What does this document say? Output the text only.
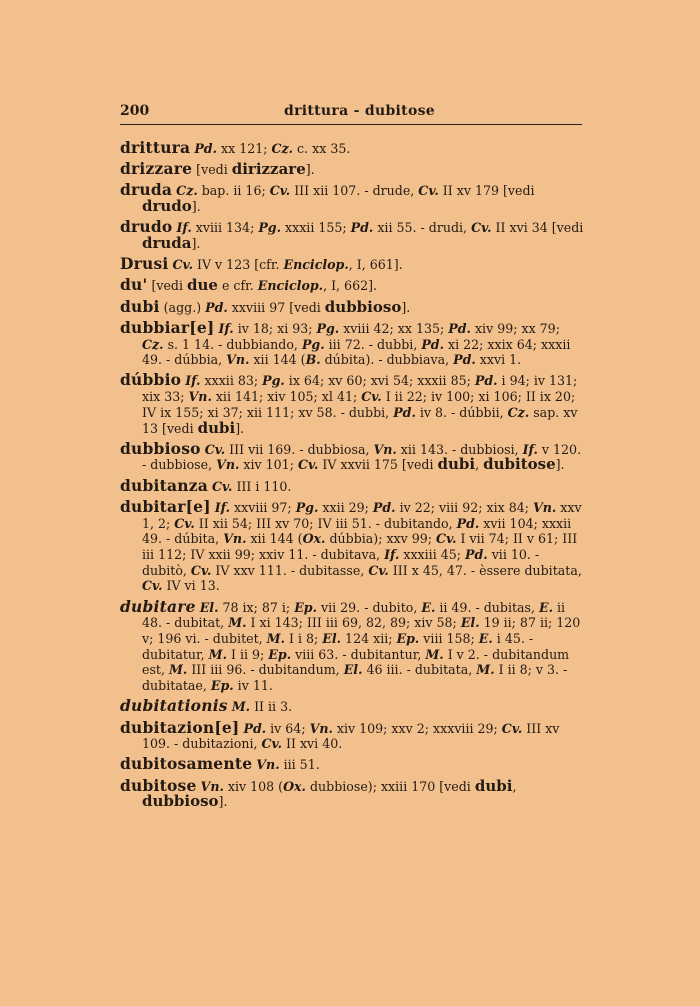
200	drittura - dubitose
drittura Pd. xx 121; Cz. c. xx 35.
drizzare [vedi dirizzare].
druda Cz. bap. ii 16; Cv. III xii 107. - drude, Cv. II xv 179 [vedi drudo].
drudo If. xviii 134; Pg. xxxii 155; Pd. xii 55. - drudi, Cv. II xvi 34 [vedi druda].
Drusi Cv. IV v 123 [cfr. Enciclop., I, 661].
du' [vedi due e cfr. Enciclop., I, 662].
dubi (agg.) Pd. xxviii 97 [vedi dubbioso].
dubbiar[e] If. iv 18; xi 93; Pg. xviii 42; xx 135; Pd. xiv 99; xx 79; Cz. s. 1 14. - dubbiando, Pg. iii 72. - dubbi, Pd. xi 22; xxix 64; xxxii 49. - dúbbia, Vn. xii 144 (B. dúbita). - dubbiava, Pd. xxvi 1.
dúbbio If. xxxii 83; Pg. ix 64; xv 60; xvi 54; xxxii 85; Pd. i 94; iv 131; xix 33; Vn. xii 141; xiv 105; xl 41; Cv. I ii 22; iv 100; xi 106; II ix 20; IV ix 155; xi 37; xii 111; xv 58. - dubbi, Pd. iv 8. - dúbbii, Cz. sap. xv 13 [vedi dubi].
dubbioso Cv. III vii 169. - dubbiosa, Vn. xii 143. - dubbiosi, If. v 120. - dubbiose, Vn. xiv 101; Cv. IV xxvii 175 [vedi dubi, dubitose].
dubitanza Cv. III i 110.
dubitar[e] If. xxviii 97; Pg. xxii 29; Pd. iv 22; viii 92; xix 84; Vn. xxv 1, 2; Cv. II xii 54; III xv 70; IV iii 51. - dubitando, Pd. xvii 104; xxxii 49. - dúbita, Vn. xii 144 (Ox. dúbbia); xxv 99; Cv. I vii 74; II v 61; III iii 112; IV xxii 99; xxiv 11. - dubitava, If. xxxiii 45; Pd. vii 10. - dubitò, Cv. IV xxv 111. - dubitasse, Cv. III x 45, 47. - èssere dubitata, Cv. IV vi 13.
dubitare El. 78 ix; 87 i; Ep. vii 29. - dubito, E. ii 49. - dubitas, E. ii 48. - dubitat, M. I xi 143; III iii 69, 82, 89; xiv 58; El. 19 ii; 87 ii; 120 v; 196 vi. - dubitet, M. I i 8; El. 124 xii; Ep. viii 158; E. i 45. - dubitatur, M. I ii 9; Ep. viii 63. - dubitantur, M. I v 2. - dubitandum est, M. III iii 96. - dubitandum, El. 46 iii. - dubitata, M. I ii 8; v 3. - dubitatae, Ep. iv 11.
dubitationis M. II ii 3.
dubitazion[e] Pd. iv 64; Vn. xiv 109; xxv 2; xxxviii 29; Cv. III xv 109. - dubitazioni, Cv. II xvi 40.
dubitosamente Vn. iii 51.
dubitose Vn. xiv 108 (Ox. dubbiose); xxiii 170 [vedi dubi, dubbioso].
